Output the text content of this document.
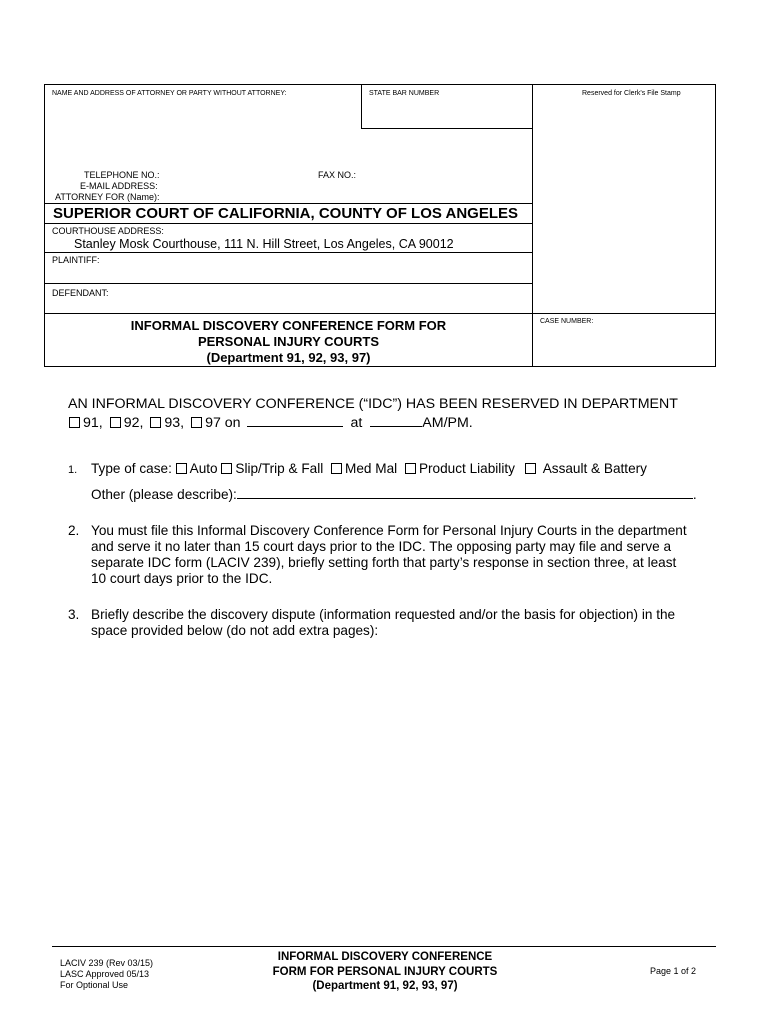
NAME AND ADDRESS OF ATTORNEY OR PARTY WITHOUT ATTORNEY:	STATE BAR NUMBER	Reserved for Clerk's File Stamp
TELEPHONE NO.:	FAX NO.:
E-MAIL ADDRESS:
ATTORNEY FOR (Name):
SUPERIOR COURT OF CALIFORNIA, COUNTY OF LOS ANGELES
COURTHOUSE ADDRESS:
Stanley Mosk Courthouse, 111 N. Hill Street, Los Angeles, CA 90012
PLAINTIFF:
DEFENDANT:
INFORMAL DISCOVERY CONFERENCE FORM FOR
PERSONAL INJURY COURTS
(Department 91, 92, 93, 97)
CASE NUMBER:
AN INFORMAL DISCOVERY CONFERENCE (“IDC”) HAS BEEN RESERVED IN DEPARTMENT
91, 92, 93, 97 on	at	AM/PM.
1. Type of case: Auto Slip/Trip & Fall Med Mal Product Liability Assault & Battery
Other (please describe):	.
2. You must file this Informal Discovery Conference Form for Personal Injury Courts in the department
and serve it no later than 15 court days prior to the IDC. The opposing party may file and serve a
separate IDC form (LACIV 239), briefly setting forth that party’s response in section three, at least
10 court days prior to the IDC.
3. Briefly describe the discovery dispute (information requested and/or the basis for objection) in the
space provided below (do not add extra pages):
LACIV 239 (Rev 03/15)
LASC Approved 05/13
For Optional Use
INFORMAL DISCOVERY CONFERENCE
FORM FOR PERSONAL INJURY COURTS
(Department 91, 92, 93, 97)
Page 1 of 2
